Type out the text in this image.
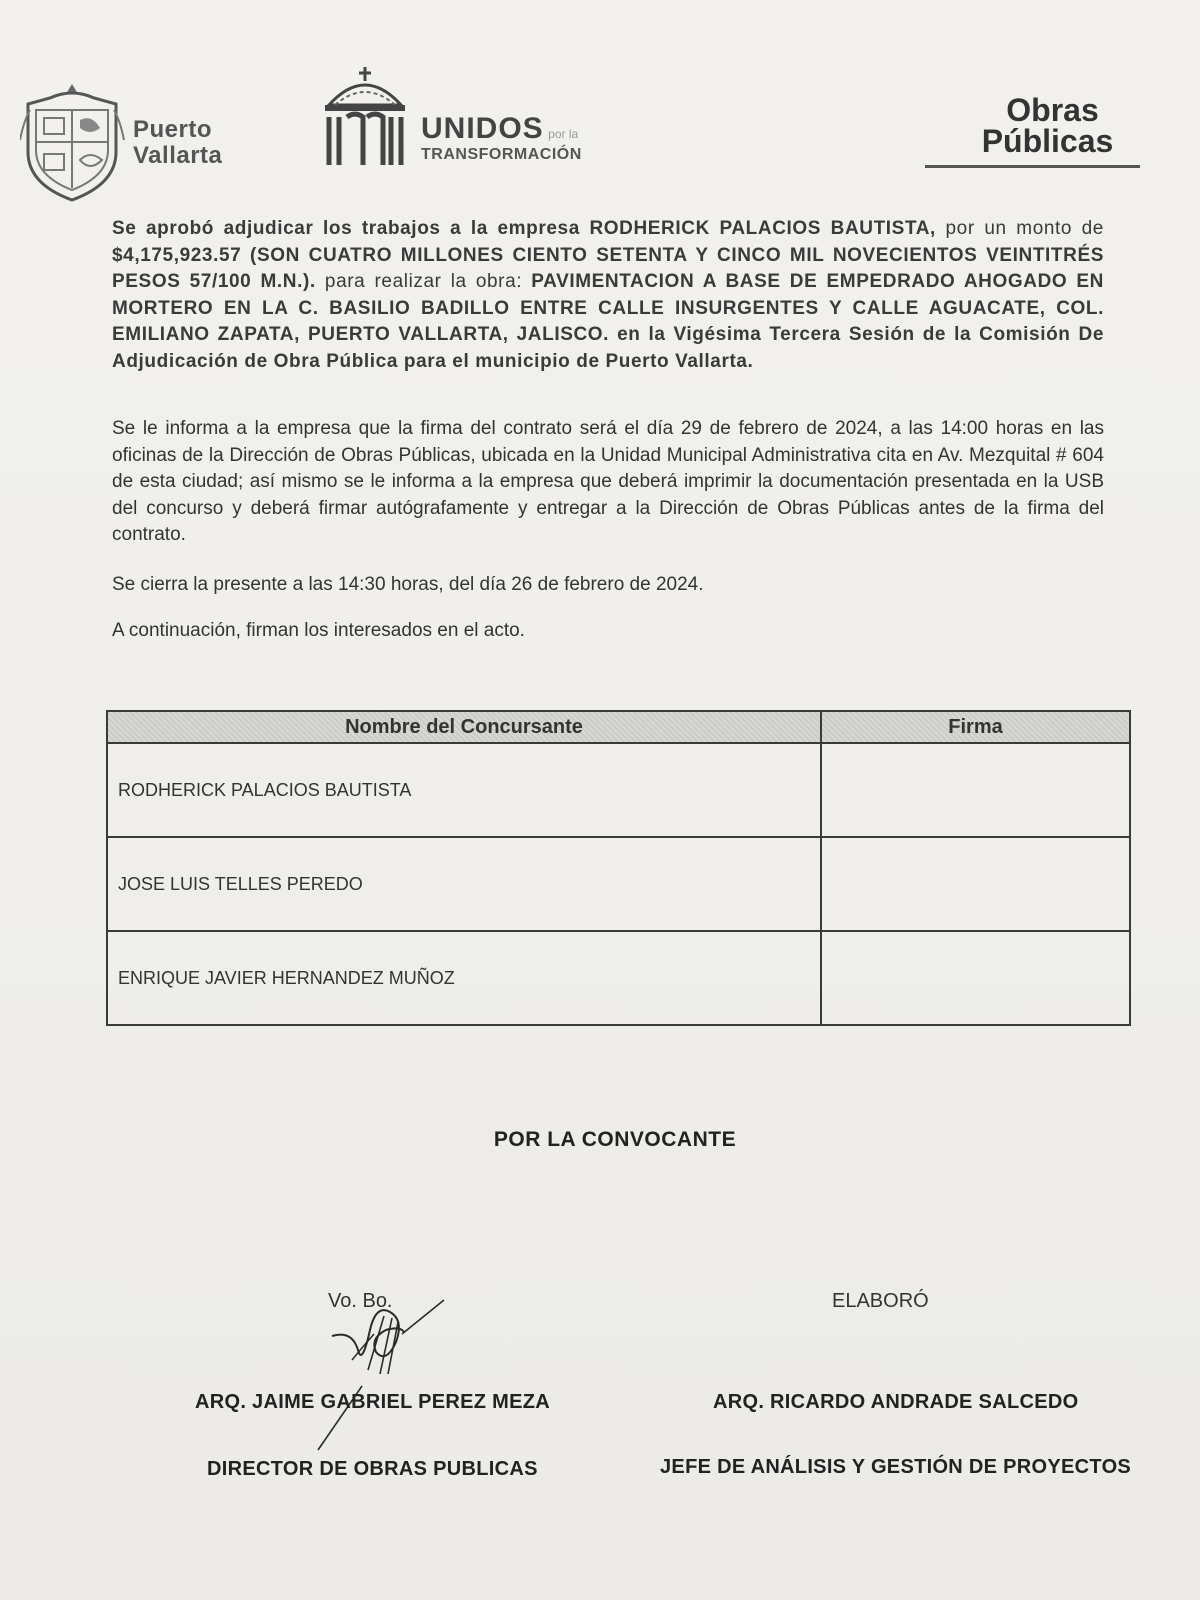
Puerto
Vallarta
UNIDOS por la
TRANSFORMACIÓN
Obras
Públicas
Se aprobó adjudicar los trabajos a la empresa RODHERICK PALACIOS BAUTISTA, por un monto de $4,175,923.57 (SON CUATRO MILLONES CIENTO SETENTA Y CINCO MIL NOVECIENTOS VEINTITRÉS PESOS 57/100 M.N.). para realizar la obra: PAVIMENTACION A BASE DE EMPEDRADO AHOGADO EN MORTERO EN LA C. BASILIO BADILLO ENTRE CALLE INSURGENTES Y CALLE AGUACATE, COL. EMILIANO ZAPATA, PUERTO VALLARTA, JALISCO. en la Vigésima Tercera Sesión de la Comisión De Adjudicación de Obra Pública para el municipio de Puerto Vallarta.
Se le informa a la empresa que la firma del contrato será el día 29 de febrero de 2024, a las 14:00 horas en las oficinas de la Dirección de Obras Públicas, ubicada en la Unidad Municipal Administrativa cita en Av. Mezquital # 604 de esta ciudad; así mismo se le informa a la empresa que deberá imprimir la documentación presentada en la USB del concurso y deberá firmar autógrafamente y entregar a la Dirección de Obras Públicas antes de la firma del contrato.
Se cierra la presente a las 14:30 horas, del día 26 de febrero de 2024.
A continuación, firman los interesados en el acto.
Nombre del Concursante	Firma
RODHERICK PALACIOS BAUTISTA	
JOSE LUIS TELLES PEREDO	
ENRIQUE JAVIER HERNANDEZ MUÑOZ	
POR LA CONVOCANTE
Vo. Bo.	ELABORÓ
ARQ. JAIME GABRIEL PEREZ MEZA	ARQ. RICARDO ANDRADE SALCEDO
DIRECTOR DE OBRAS PUBLICAS	JEFE DE ANÁLISIS Y GESTIÓN DE PROYECTOS
